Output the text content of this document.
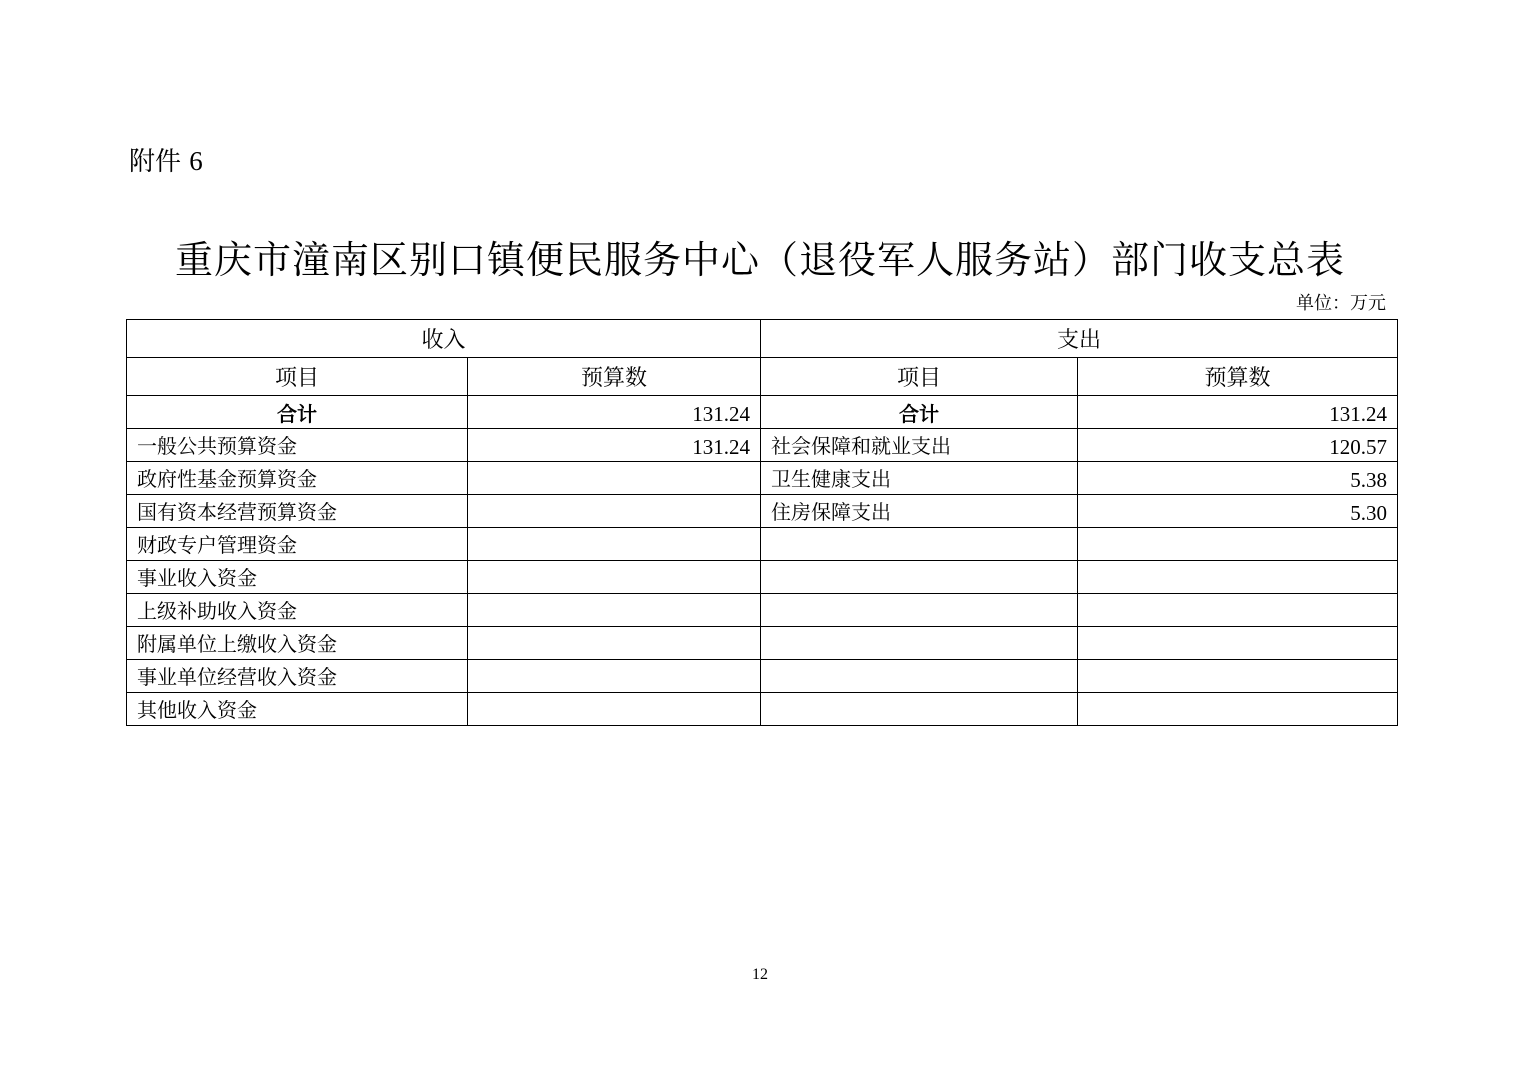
附件 6
重庆市潼南区别口镇便民服务中心（退役军人服务站）部门收支总表
单位：万元
收入		支出	
项目	预算数	项目	预算数
合计	131.24	合计	131.24
一般公共预算资金	131.24	社会保障和就业支出	120.57
政府性基金预算资金		卫生健康支出	5.38
国有资本经营预算资金		住房保障支出	5.30
财政专户管理资金			
事业收入资金			
上级补助收入资金			
附属单位上缴收入资金			
事业单位经营收入资金			
其他收入资金			
12
